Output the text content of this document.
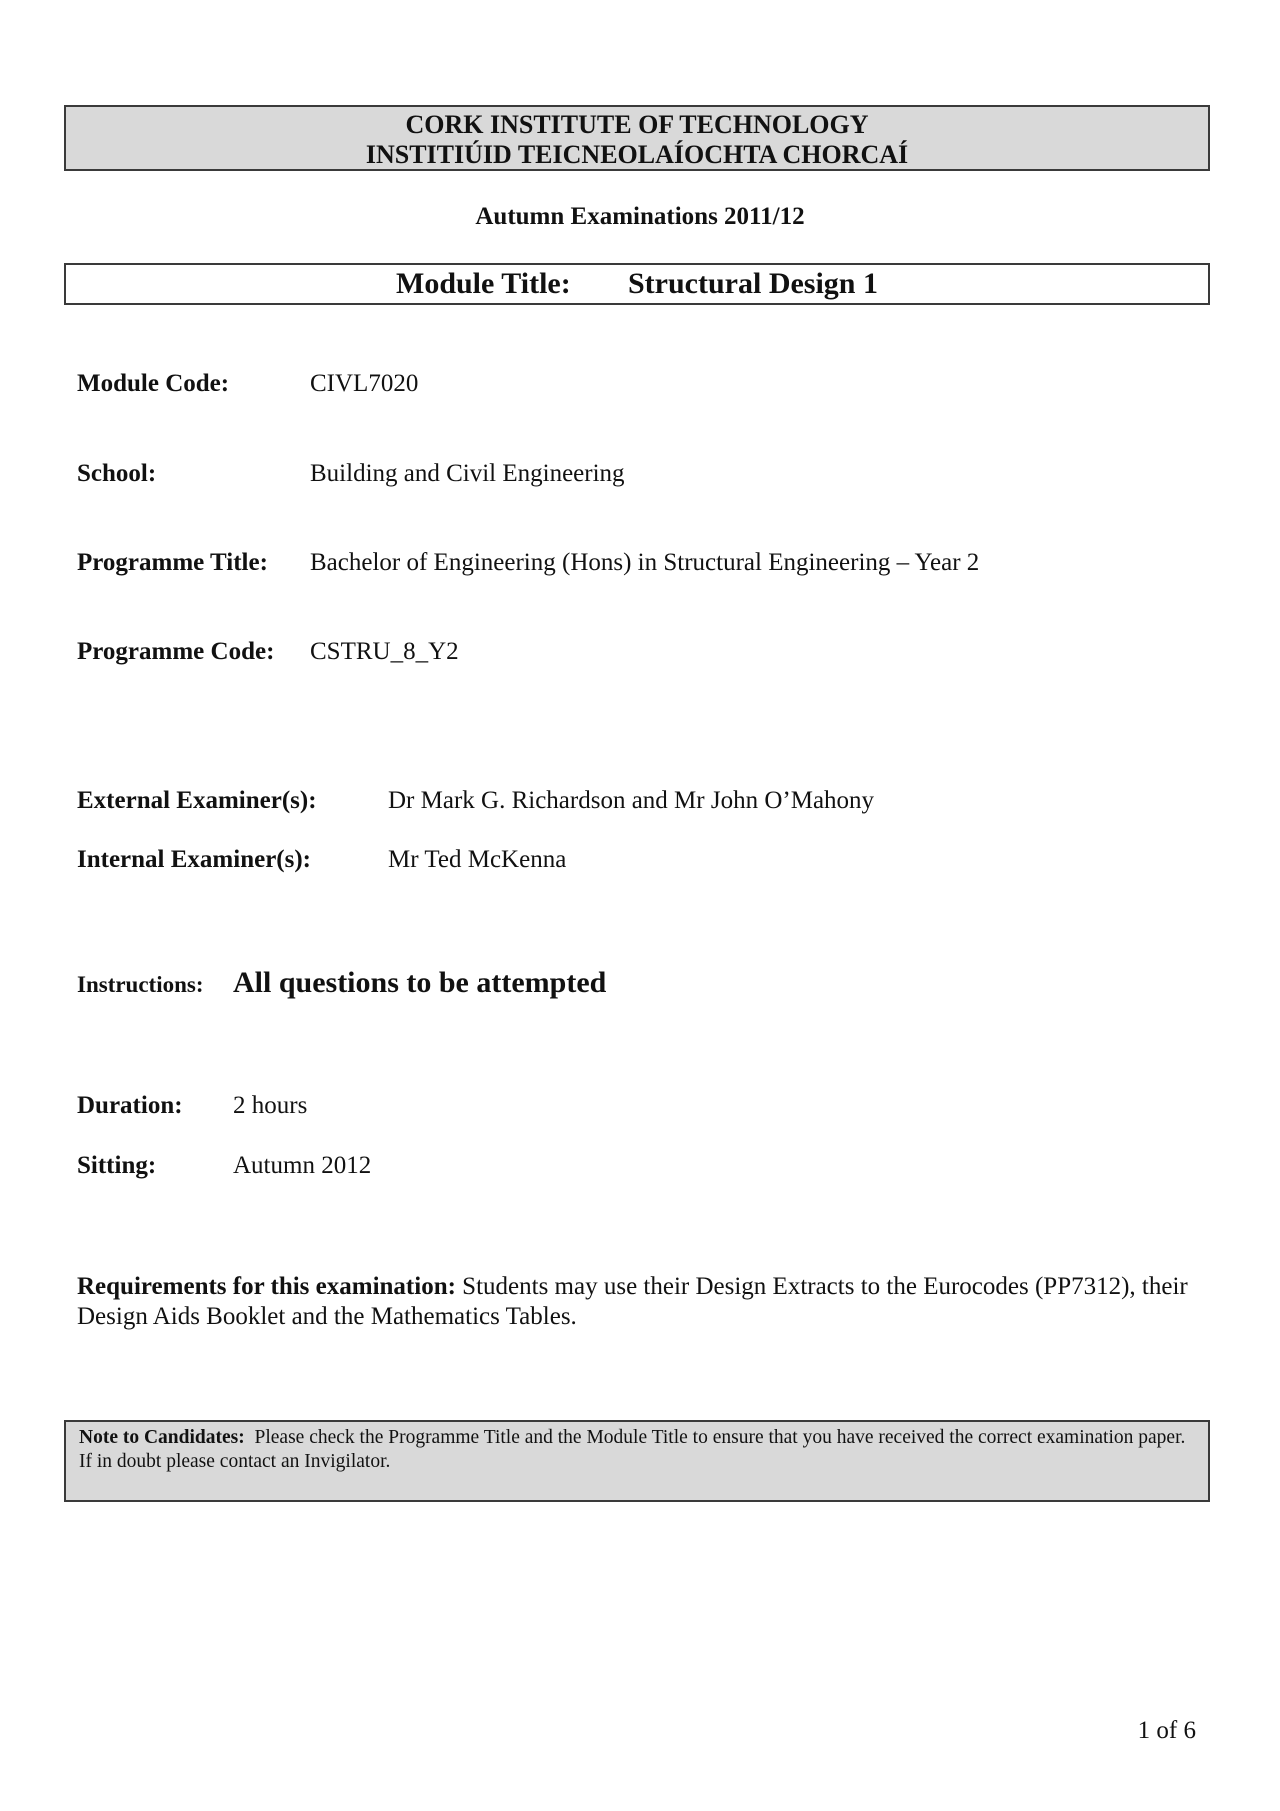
CORK INSTITUTE OF TECHNOLOGY
INSTITIÚID TEICNEOLAÍOCHTA CHORCAÍ
Autumn Examinations 2011/12
Module Title: Structural Design 1
Module Code:	CIVL7020
School:	Building and Civil Engineering
Programme Title: Bachelor of Engineering (Hons) in Structural Engineering – Year 2
Programme Code: CSTRU_8_Y2
External Examiner(s):	Dr Mark G. Richardson and Mr John O’Mahony
Internal Examiner(s):	Mr Ted McKenna
Instructions: All questions to be attempted
Duration: 2 hours
Sitting:	Autumn 2012
Requirements for this examination: Students may use their Design Extracts to the Eurocodes (PP7312), their Design Aids Booklet and the Mathematics Tables.
Note to Candidates: Please check the Programme Title and the Module Title to ensure that you have received the correct examination paper.
If in doubt please contact an Invigilator.
1 of 6
